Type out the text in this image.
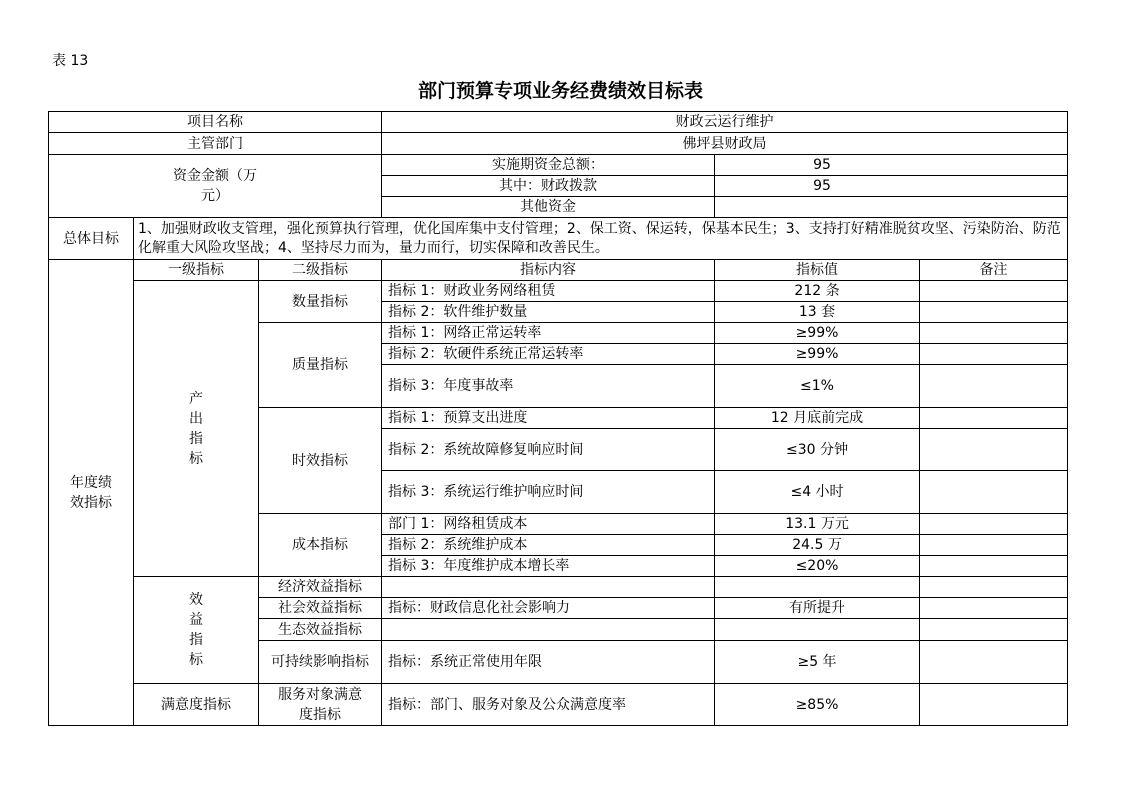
表 13
部门预算专项业务经费绩效目标表
项目名称			财政云运行维护		
主管部门			佛坪县财政局		
资金金额（万元）			实施期资金总额：	95	
			其中：财政拨款	95	
			其他资金		
总体目标	1、加强财政收支管理，强化预算执行管理，优化国库集中支付管理；2、保工资、保运转，保基本民生；3、支持打好精准脱贫攻坚、污染防治、防范化解重大风险攻坚战；4、坚持尽力而为，量力而行，切实保障和改善民生。				
年度绩效指标	一级指标	二级指标	指标内容	指标值	备注
	产出指标	数量指标	指标 1：财政业务网络租赁	212 条	
			指标 2：软件维护数量	13 套	
		质量指标	指标 1：网络正常运转率	≥99%	
			指标 2：软硬件系统正常运转率	≥99%	
			指标 3：年度事故率	≤1%	
		时效指标	指标 1：预算支出进度	12 月底前完成	
			指标 2：系统故障修复响应时间	≤30 分钟	
			指标 3：系统运行维护响应时间	≤4 小时	
		成本指标	部门 1：网络租赁成本	13.1 万元	
			指标 2：系统维护成本	24.5 万	
			指标 3：年度维护成本增长率	≤20%	
	效益指标	经济效益指标			
		社会效益指标	指标：财政信息化社会影响力	有所提升	
		生态效益指标			
		可持续影响指标	指标：系统正常使用年限	≥5 年	
	满意度指标	服务对象满意度指标	指标：部门、服务对象及公众满意度率	≥85%	
